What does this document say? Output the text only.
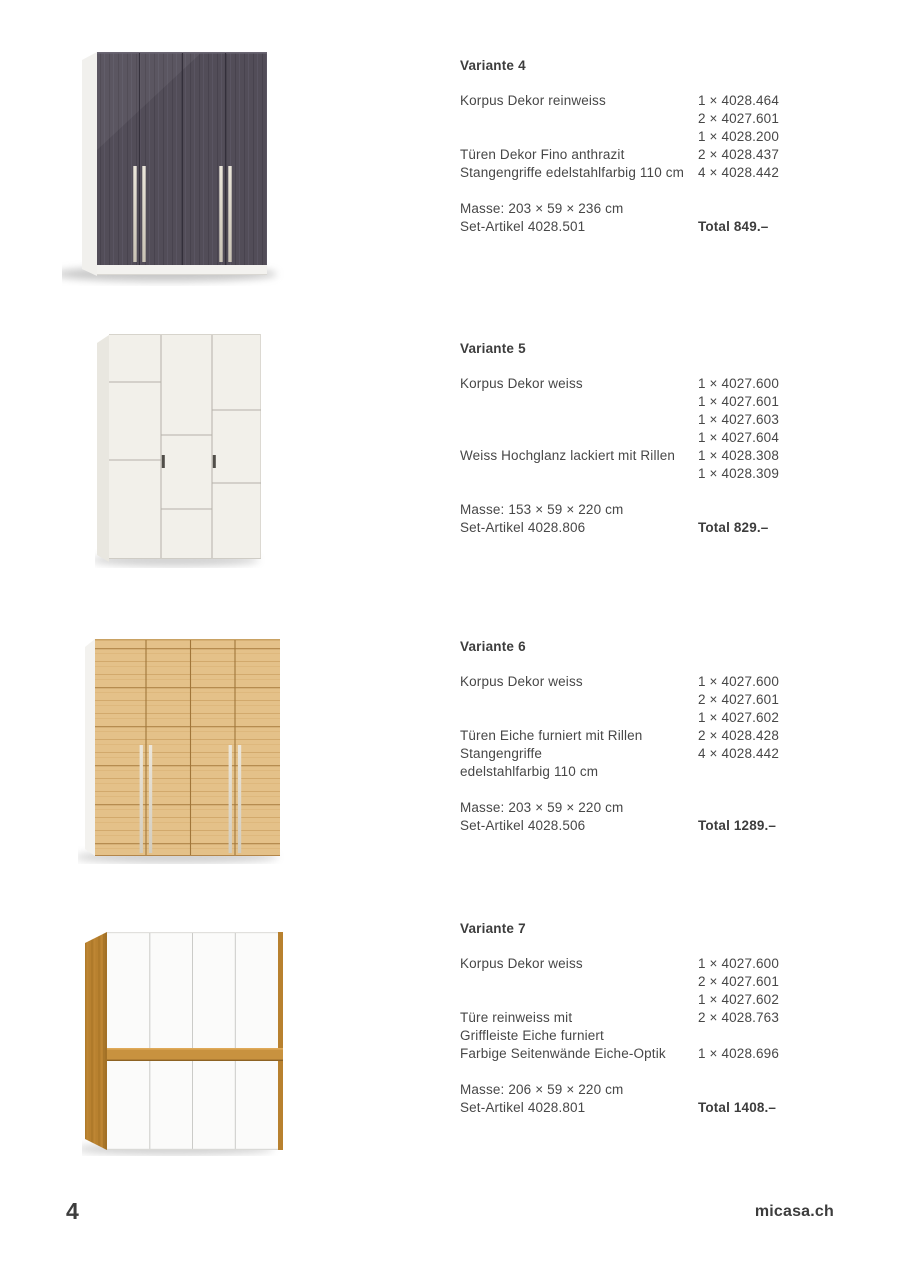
Variante 4
Korpus Dekor reinweiss	1 × 4028.464
2 × 4027.601
1 × 4028.200
Türen Dekor Fino anthrazit	2 × 4028.437
Stangengriffe edelstahlfarbig 110 cm	4 × 4028.442
Masse: 203 × 59 × 236 cm
Set-Artikel 4028.501	Total 849.–
Variante 5
Korpus Dekor weiss	1 × 4027.600
1 × 4027.601
1 × 4027.603
1 × 4027.604
Weiss Hochglanz lackiert mit Rillen	1 × 4028.308
1 × 4028.309
Masse: 153 × 59 × 220 cm
Set-Artikel 4028.806	Total 829.–
Variante 6
Korpus Dekor weiss	1 × 4027.600
2 × 4027.601
1 × 4027.602
Türen Eiche furniert mit Rillen	2 × 4028.428
Stangengriffe	4 × 4028.442
edelstahlfarbig 110 cm
Masse: 203 × 59 × 220 cm
Set-Artikel 4028.506	Total 1289.–
Variante 7
Korpus Dekor weiss	1 × 4027.600
2 × 4027.601
1 × 4027.602
Türe reinweiss mit	2 × 4028.763
Griffleiste Eiche furniert
Farbige Seitenwände Eiche-Optik	1 × 4028.696
Masse: 206 × 59 × 220 cm
Set-Artikel 4028.801	Total 1408.–
4	micasa.ch
